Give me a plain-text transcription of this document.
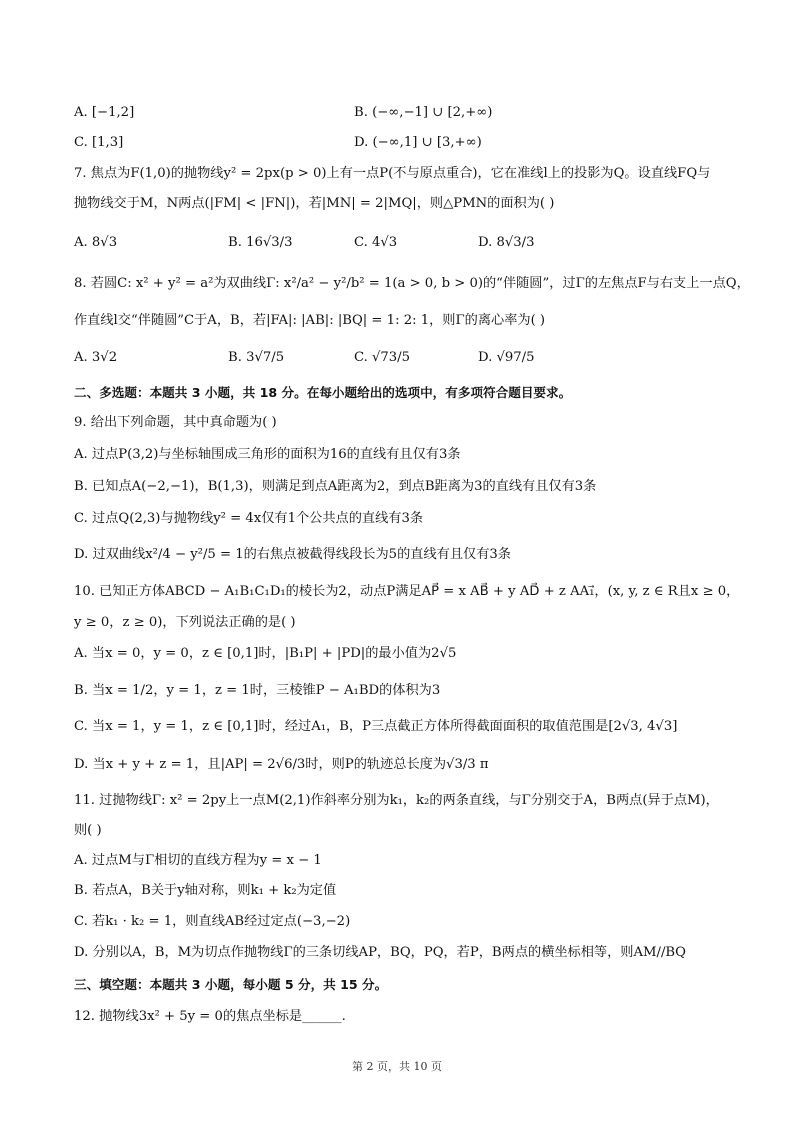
A. [−1,2]	B. (−∞,−1] ∪ [2,+∞)
C. [1,3]	D. (−∞,1] ∪ [3,+∞)
7. 焦点为F(1,0)的抛物线y² = 2px(p > 0)上有一点P(不与原点重合)，它在准线l上的投影为Q。设直线FQ与
抛物线交于M，N两点(|FM| < |FN|)，若|MN| = 2|MQ|，则△PMN的面积为( )
A. 8√3	B. 16√3/3	C. 4√3	D. 8√3/3
8. 若圆C: x² + y² = a²为双曲线Γ: x²/a² − y²/b² = 1(a > 0, b > 0)的“伴随圆”，过Γ的左焦点F与右支上一点Q，
作直线l交“伴随圆”C于A，B，若|FA|: |AB|: |BQ| = 1: 2: 1，则Γ的离心率为( )
A. 3√2	B. 3√7/5	C. √73/5	D. √97/5
二、多选题：本题共 3 小题，共 18 分。在每小题给出的选项中，有多项符合题目要求。
9. 给出下列命题，其中真命题为( )
A. 过点P(3,2)与坐标轴围成三角形的面积为16的直线有且仅有3条
B. 已知点A(−2,−1)，B(1,3)，则满足到点A距离为2，到点B距离为3的直线有且仅有3条
C. 过点Q(2,3)与抛物线y² = 4x仅有1个公共点的直线有3条
D. 过双曲线x²/4 − y²/5 = 1的右焦点被截得线段长为5的直线有且仅有3条
10. 已知正方体ABCD − A₁B₁C₁D₁的棱长为2，动点P满足AP⃗ = x AB⃗ + y AD⃗ + z AA₁⃗，(x, y, z ∈ R且x ≥ 0，
y ≥ 0，z ≥ 0)，下列说法正确的是( )
A. 当x = 0，y = 0，z ∈ [0,1]时，|B₁P| + |PD|的最小值为2√5
B. 当x = 1/2，y = 1，z = 1时，三棱锥P − A₁BD的体积为3
C. 当x = 1，y = 1，z ∈ [0,1]时，经过A₁，B，P三点截正方体所得截面面积的取值范围是[2√3, 4√3]
D. 当x + y + z = 1，且|AP| = 2√6/3时，则P的轨迹总长度为√3/3 π
11. 过抛物线Γ: x² = 2py上一点M(2,1)作斜率分别为k₁，k₂的两条直线，与Γ分别交于A，B两点(异于点M)，
则( )
A. 过点M与Γ相切的直线方程为y = x − 1
B. 若点A，B关于y轴对称，则k₁ + k₂为定值
C. 若k₁ · k₂ = 1，则直线AB经过定点(−3,−2)
D. 分别以A，B，M为切点作抛物线Γ的三条切线AP，BQ，PQ，若P，B两点的横坐标相等，则AM//BQ
三、填空题：本题共 3 小题，每小题 5 分，共 15 分。
12. 抛物线3x² + 5y = 0的焦点坐标是______.
第 2 页，共 10 页
